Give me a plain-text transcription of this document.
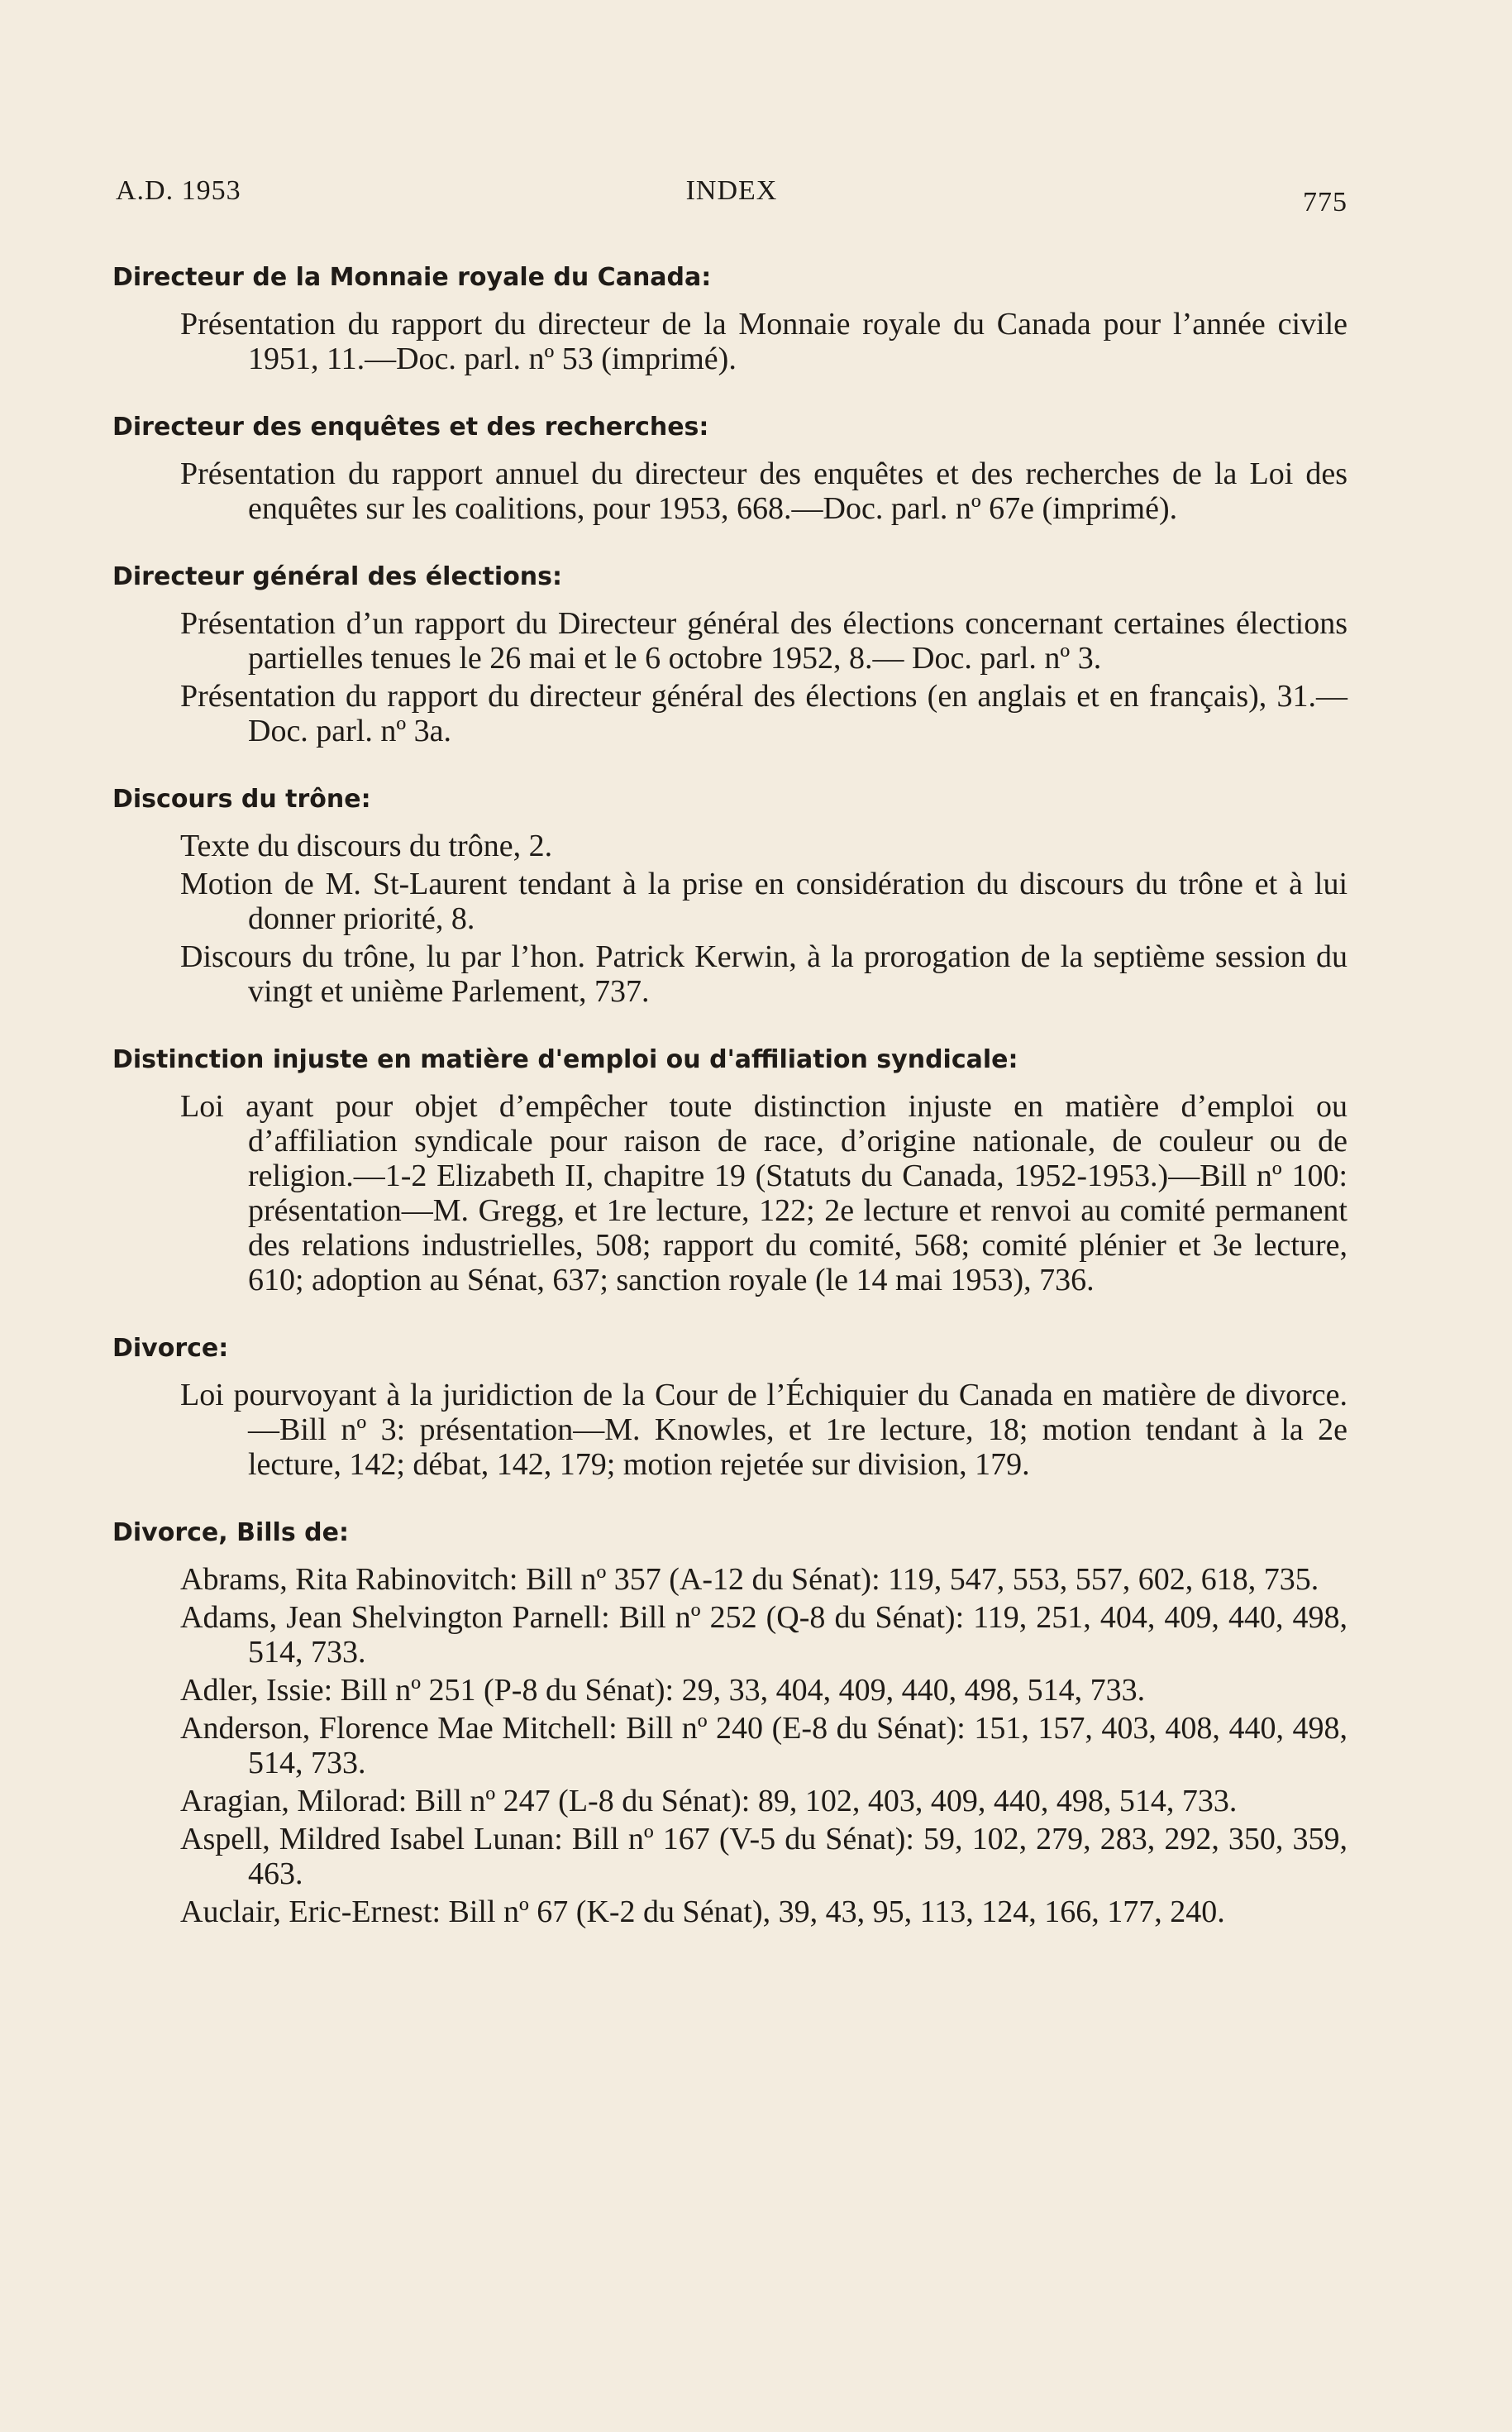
A.D. 1953	INDEX	775
Directeur de la Monnaie royale du Canada:

Présentation du rapport du directeur de la Monnaie royale du Canada pour l’année civile 1951, 11.—Doc. parl. nº 53 (imprimé).

Directeur des enquêtes et des recherches:

Présentation du rapport annuel du directeur des enquêtes et des recherches de la Loi des enquêtes sur les coalitions, pour 1953, 668.—Doc. parl. nº 67e (imprimé).

Directeur général des élections:

Présentation d’un rapport du Directeur général des élections concernant certaines élections partielles tenues le 26 mai et le 6 octobre 1952, 8.— Doc. parl. nº 3.

Présentation du rapport du directeur général des élections (en anglais et en français), 31.—Doc. parl. nº 3a.

Discours du trône:

Texte du discours du trône, 2.

Motion de M. St-Laurent tendant à la prise en considération du discours du trône et à lui donner priorité, 8.

Discours du trône, lu par l’hon. Patrick Kerwin, à la prorogation de la septième session du vingt et unième Parlement, 737.

Distinction injuste en matière d'emploi ou d'affiliation syndicale:

Loi ayant pour objet d’empêcher toute distinction injuste en matière d’emploi ou d’affiliation syndicale pour raison de race, d’origine nationale, de couleur ou de religion.—1-2 Elizabeth II, chapitre 19 (Statuts du Canada, 1952-1953.)—Bill nº 100: présentation—M. Gregg, et 1re lecture, 122; 2e lecture et renvoi au comité permanent des relations industrielles, 508; rapport du comité, 568; comité plénier et 3e lecture, 610; adoption au Sénat, 637; sanction royale (le 14 mai 1953), 736.

Divorce:

Loi pourvoyant à la juridiction de la Cour de l’Échiquier du Canada en matière de divorce.—Bill nº 3: présentation—M. Knowles, et 1re lecture, 18; motion tendant à la 2e lecture, 142; débat, 142, 179; motion rejetée sur division, 179.

Divorce, Bills de:

Abrams, Rita Rabinovitch: Bill nº 357 (A-12 du Sénat): 119, 547, 553, 557, 602, 618, 735.

Adams, Jean Shelvington Parnell: Bill nº 252 (Q-8 du Sénat): 119, 251, 404, 409, 440, 498, 514, 733.

Adler, Issie: Bill nº 251 (P-8 du Sénat): 29, 33, 404, 409, 440, 498, 514, 733.

Anderson, Florence Mae Mitchell: Bill nº 240 (E-8 du Sénat): 151, 157, 403, 408, 440, 498, 514, 733.

Aragian, Milorad: Bill nº 247 (L-8 du Sénat): 89, 102, 403, 409, 440, 498, 514, 733.

Aspell, Mildred Isabel Lunan: Bill nº 167 (V-5 du Sénat): 59, 102, 279, 283, 292, 350, 359, 463.

Auclair, Eric-Ernest: Bill nº 67 (K-2 du Sénat), 39, 43, 95, 113, 124, 166, 177, 240.
